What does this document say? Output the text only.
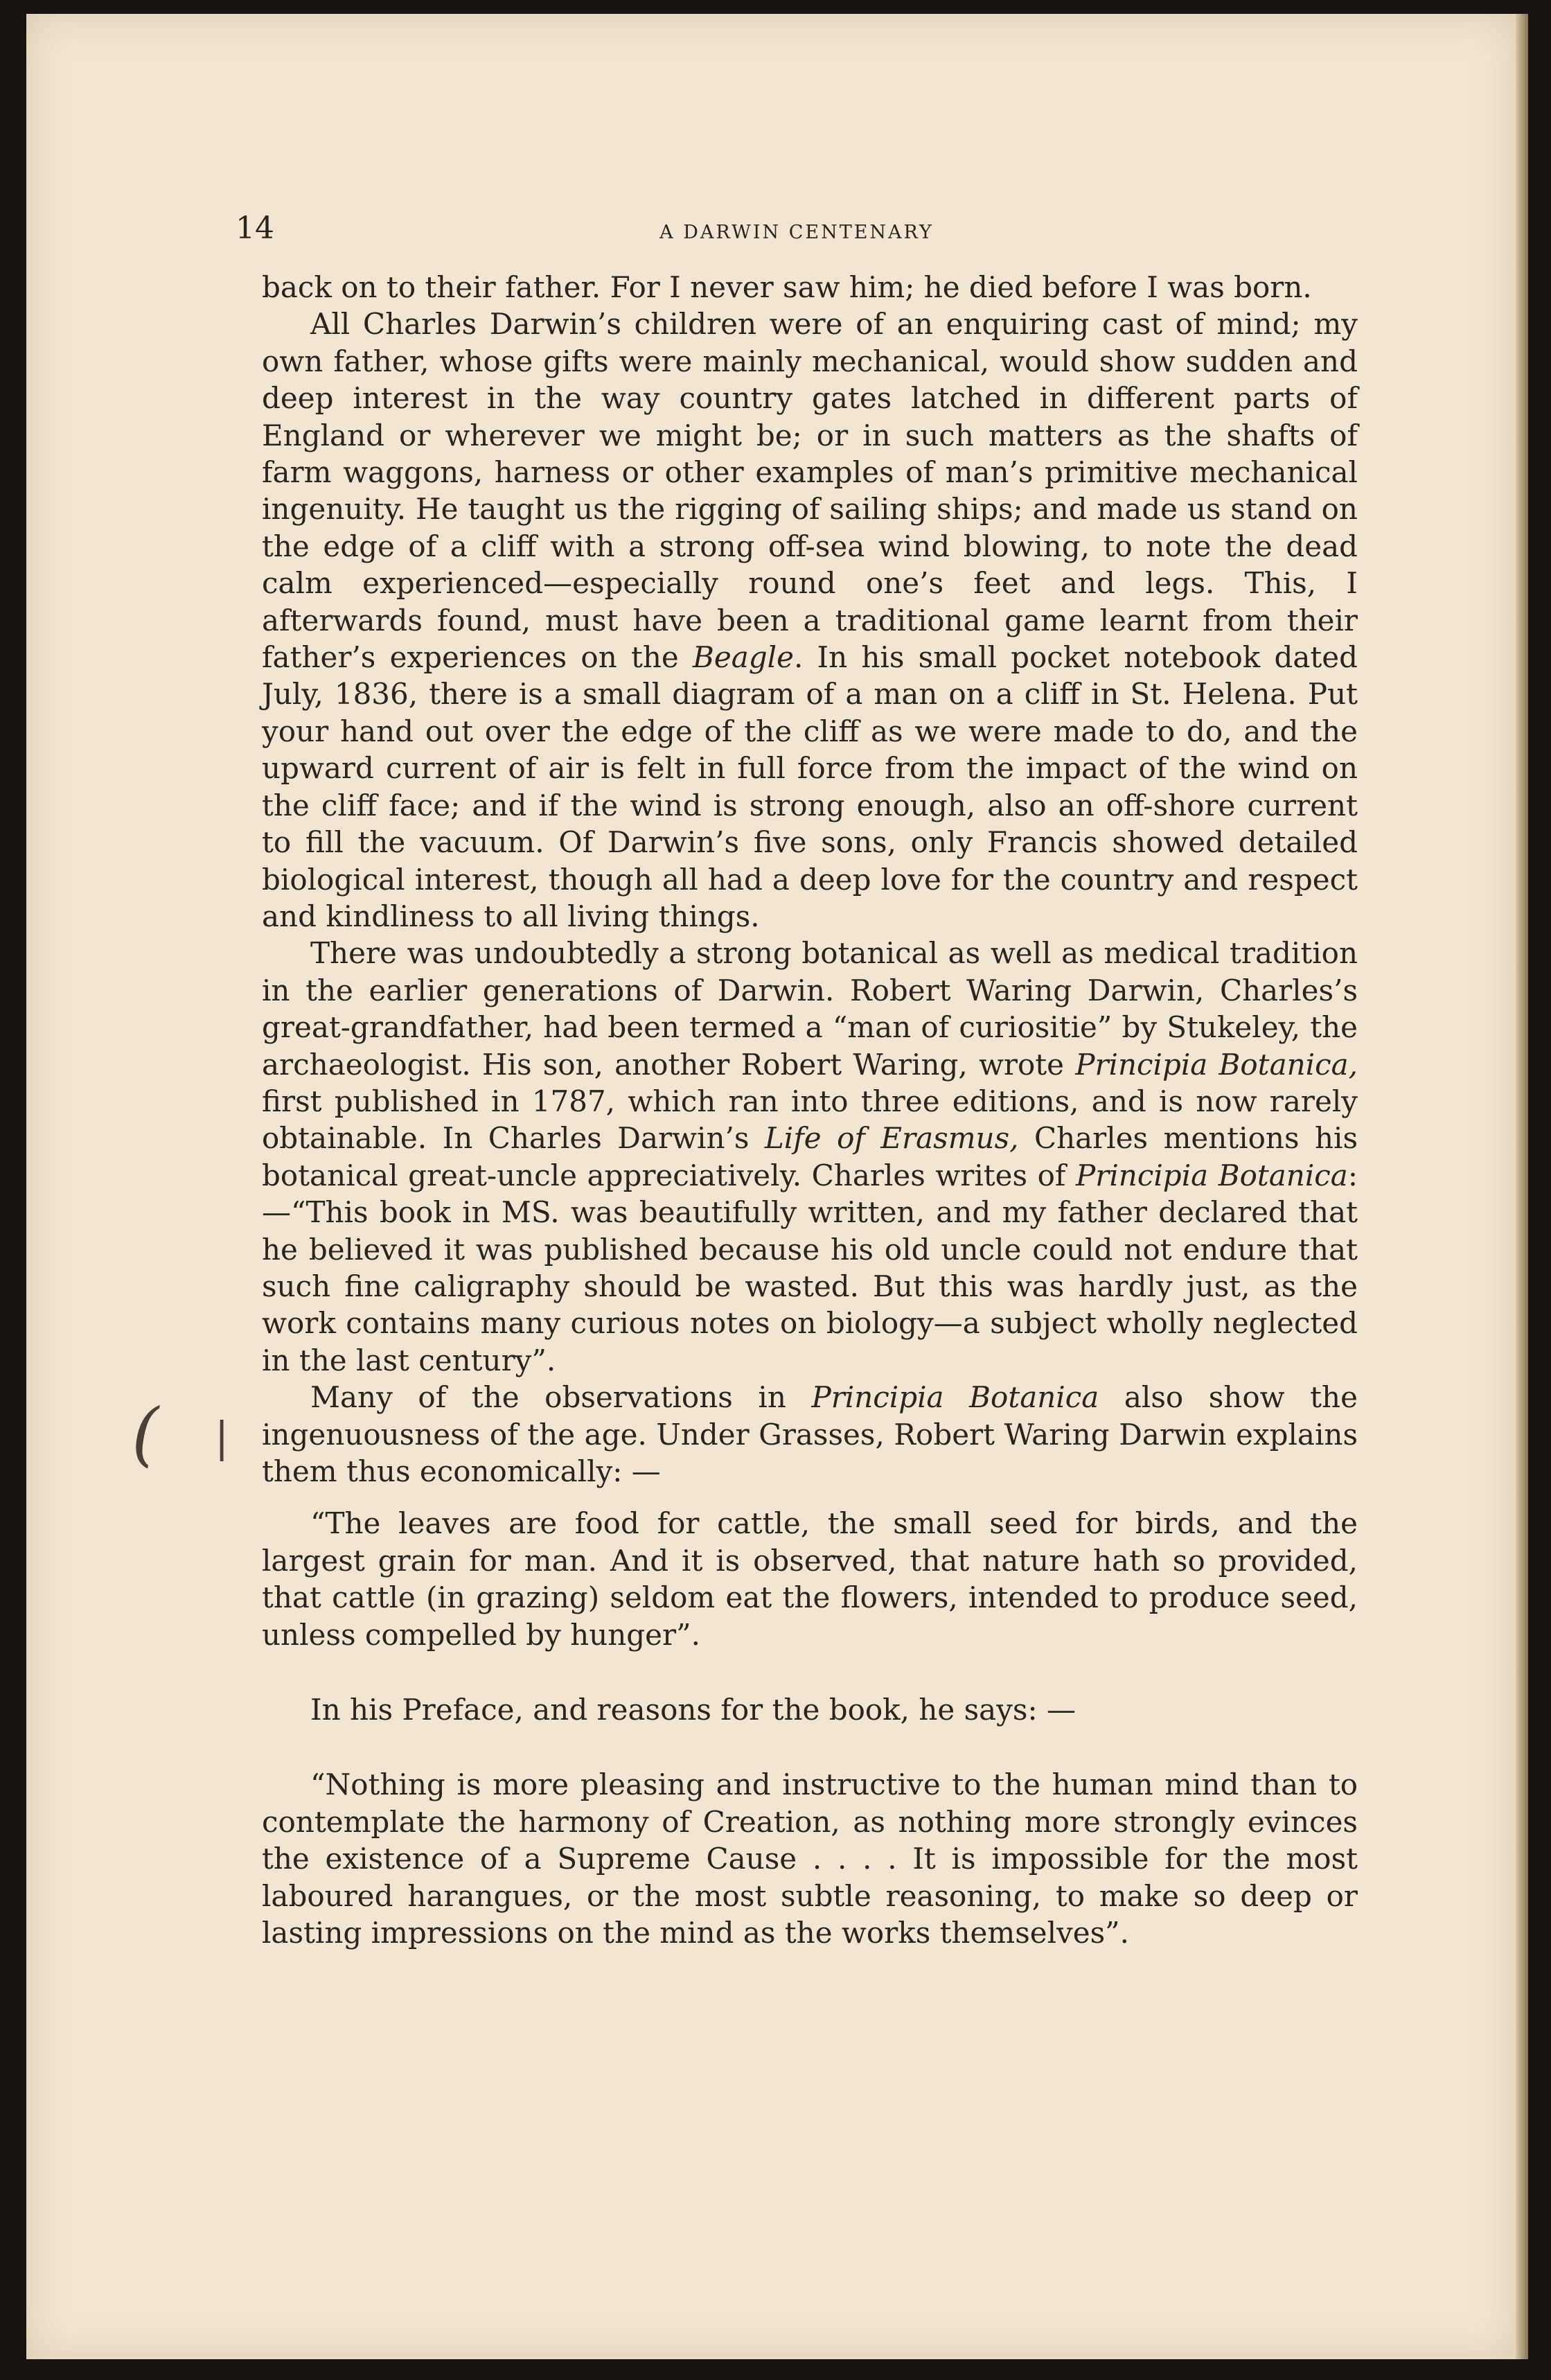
14	A DARWIN CENTENARY
( |

back on to their father. For I never saw him; he died before I was born.

All Charles Darwin’s children were of an enquiring cast of mind; my own father, whose gifts were mainly mechanical, would show sudden and deep interest in the way country gates latched in different parts of England or wherever we might be; or in such matters as the shafts of farm waggons, harness or other examples of man’s primitive mechanical ingenuity. He taught us the rigging of sailing ships; and made us stand on the edge of a cliff with a strong off-sea wind blowing, to note the dead calm experienced—especially round one’s feet and legs. This, I afterwards found, must have been a traditional game learnt from their father’s experiences on the Beagle. In his small pocket notebook dated July, 1836, there is a small diagram of a man on a cliff in St. Helena. Put your hand out over the edge of the cliff as we were made to do, and the upward current of air is felt in full force from the impact of the wind on the cliff face; and if the wind is strong enough, also an off-shore current to fill the vacuum. Of Darwin’s five sons, only Francis showed detailed biological interest, though all had a deep love for the country and respect and kindliness to all living things.

There was undoubtedly a strong botanical as well as medical tradition in the earlier generations of Darwin. Robert Waring Darwin, Charles’s great-grandfather, had been termed a “man of curiositie” by Stukeley, the archaeologist. His son, another Robert Waring, wrote Principia Botanica, first published in 1787, which ran into three editions, and is now rarely obtainable. In Charles Darwin’s Life of Erasmus, Charles mentions his botanical great-uncle appreciatively. Charles writes of Principia Botanica: —“This book in MS. was beautifully written, and my father declared that he believed it was published because his old uncle could not endure that such fine caligraphy should be wasted. But this was hardly just, as the work contains many curious notes on biology—a subject wholly neglected in the last century”.

Many of the observations in Principia Botanica also show the ingenuousness of the age. Under Grasses, Robert Waring Darwin explains them thus economically: —

“The leaves are food for cattle, the small seed for birds, and the largest grain for man. And it is observed, that nature hath so provided, that cattle (in grazing) seldom eat the flowers, intended to produce seed, unless compelled by hunger”.

In his Preface, and reasons for the book, he says: —

“Nothing is more pleasing and instructive to the human mind than to contemplate the harmony of Creation, as nothing more strongly evinces the existence of a Supreme Cause . . . . It is impossible for the most laboured harangues, or the most subtle reasoning, to make so deep or lasting impressions on the mind as the works themselves”.
